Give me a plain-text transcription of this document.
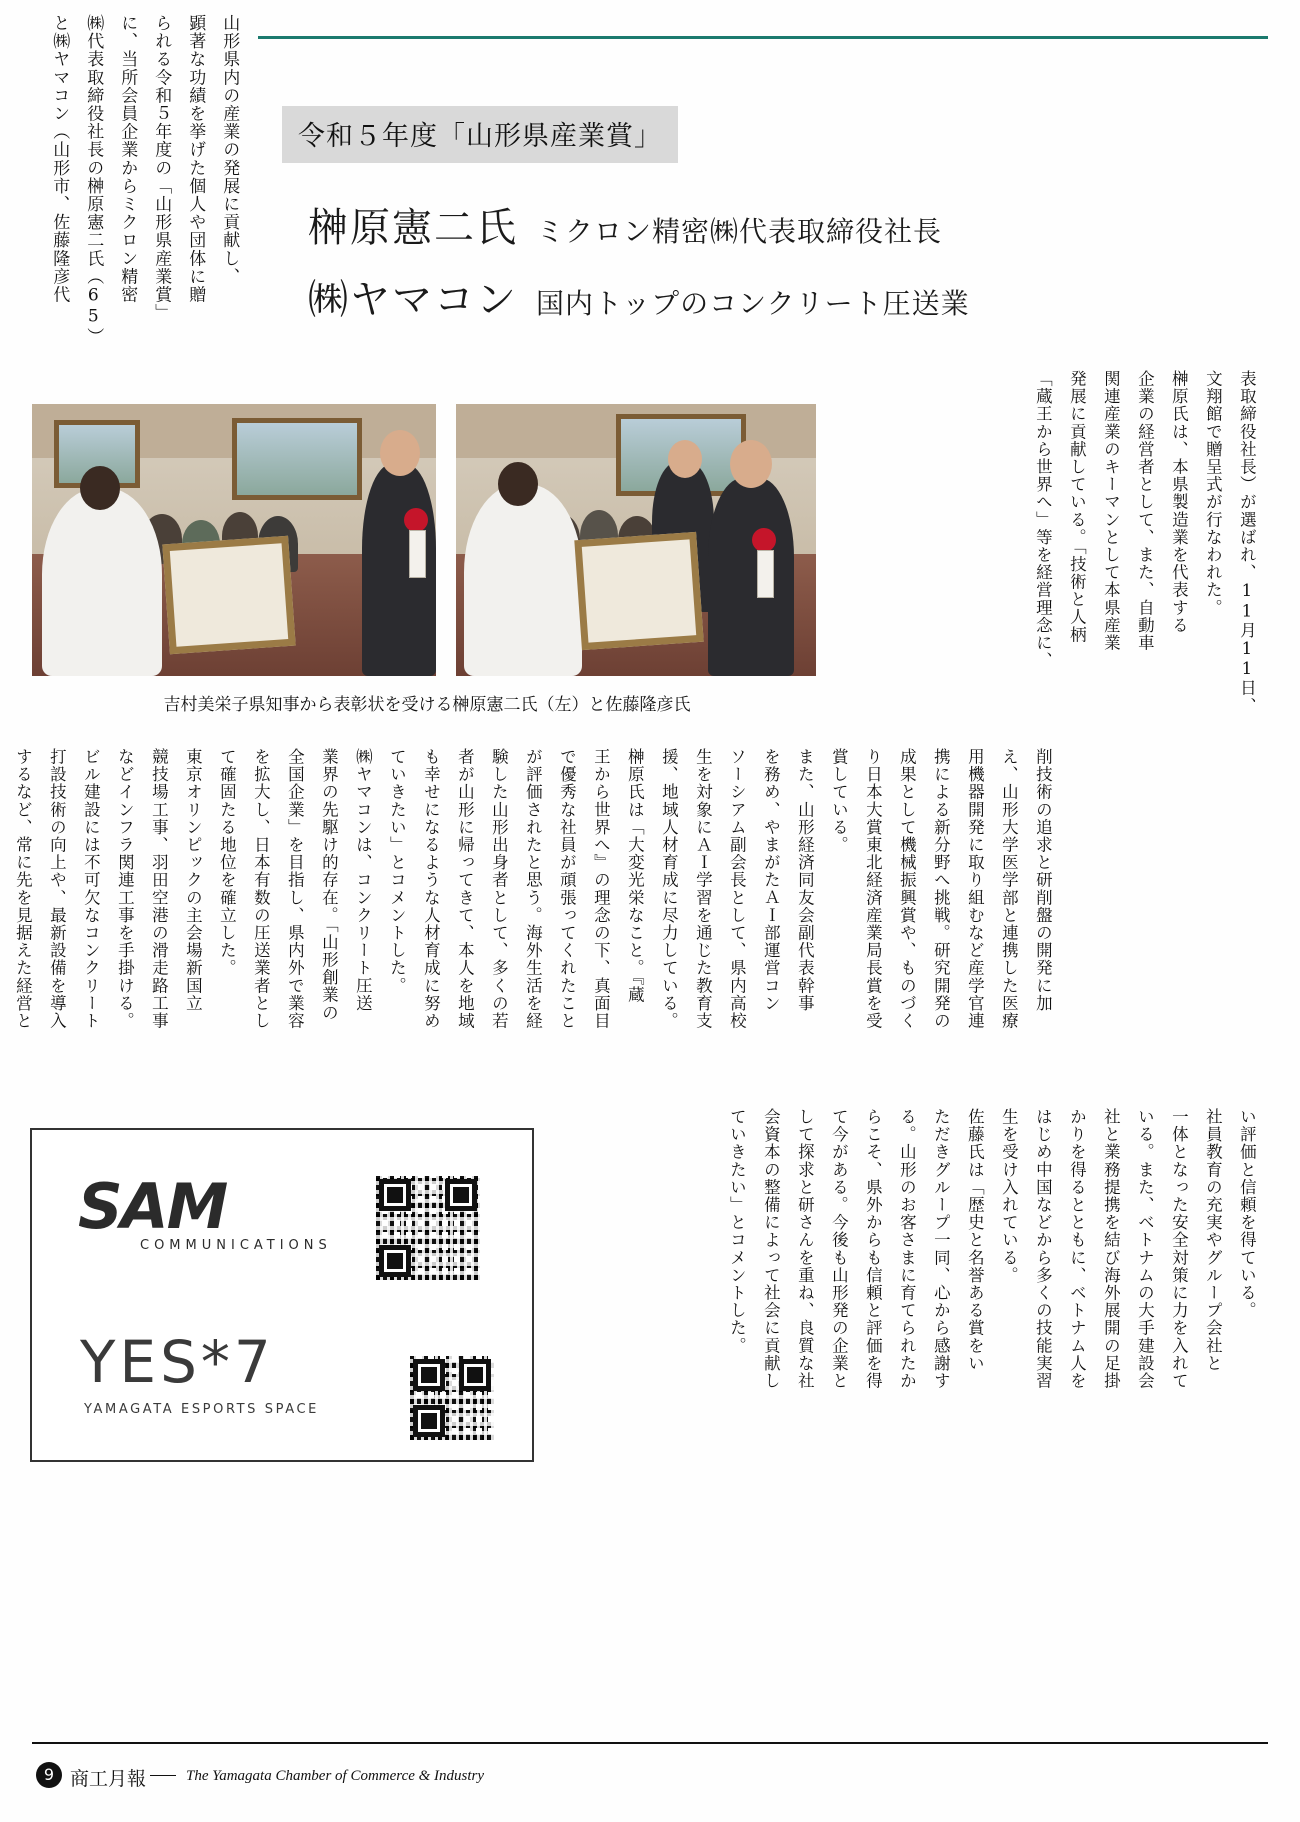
山形県内の産業の発展に貢献し、
顕著な功績を挙げた個人や団体に贈
られる令和５年度の「山形県産業賞」
に、当所会員企業からミクロン精密
㈱代表取締役社長の榊原憲二氏（65）
と㈱ヤマコン（山形市、佐藤隆彦代	令和５年度「山形県産業賞」
榊原憲二氏 ミクロン精密㈱代表取締役社長
㈱ヤマコン 国内トップのコンクリート圧送業
吉村美栄子県知事から表彰状を受ける榊原憲二氏（左）と佐藤隆彦氏	表取締役社長）が選ばれ、11月11日、
文翔館で贈呈式が行なわれた。
榊原氏は、本県製造業を代表する
企業の経営者として、また、自動車
関連産業のキーマンとして本県産業
発展に貢献している。「技術と人柄
「蔵王から世界へ」等を経営理念に、
削技術の追求と研削盤の開発に加
え、山形大学医学部と連携した医療
用機器開発に取り組むなど産学官連
携による新分野へ挑戦。研究開発の
成果として機械振興賞や、ものづく
り日本大賞東北経済産業局長賞を受
賞している。
また、山形経済同友会副代表幹事
を務め、やまがたＡＩ部運営コン
ソーシアム副会長として、県内高校
生を対象にＡＩ学習を通じた教育支
援、地域人材育成に尽力している。
榊原氏は「大変光栄なこと。『蔵
王から世界へ』の理念の下、真面目
で優秀な社員が頑張ってくれたこと
が評価されたと思う。海外生活を経
験した山形出身者として、多くの若
者が山形に帰ってきて、本人を地域
も幸せになるような人材育成に努め
ていきたい」とコメントした。
㈱ヤマコンは、コンクリート圧送
業界の先駆け的存在。「山形創業の
全国企業」を目指し、県内外で業容
を拡大し、日本有数の圧送業者とし
て確固たる地位を確立した。
東京オリンピックの主会場新国立
競技場工事、羽田空港の滑走路工事
などインフラ関連工事を手掛ける。
ビル建設には不可欠なコンクリート
打設技術の向上や、最新設備を導入
するなど、常に先を見据えた経営と
い評価と信頼を得ている。
社員教育の充実やグループ会社と
一体となった安全対策に力を入れて
いる。また、ベトナムの大手建設会
社と業務提携を結び海外展開の足掛
かりを得るとともに、ベトナム人を
はじめ中国などから多くの技能実習
生を受け入れている。
佐藤氏は「歴史と名誉ある賞をい
ただきグループ一同、心から感謝す
る。山形のお客さまに育てられたか
らこそ、県外からも信頼と評価を得
て今がある。今後も山形発の企業と
して探求と研さんを重ね、良質な社
会資本の整備によって社会に貢献し
ていきたい」とコメントした。
SAM
COMMUNICATIONS
YES*7
YAMAGATA ESPORTS SPACE
9 商工月報	The Yamagata Chamber of Commerce & Industry
